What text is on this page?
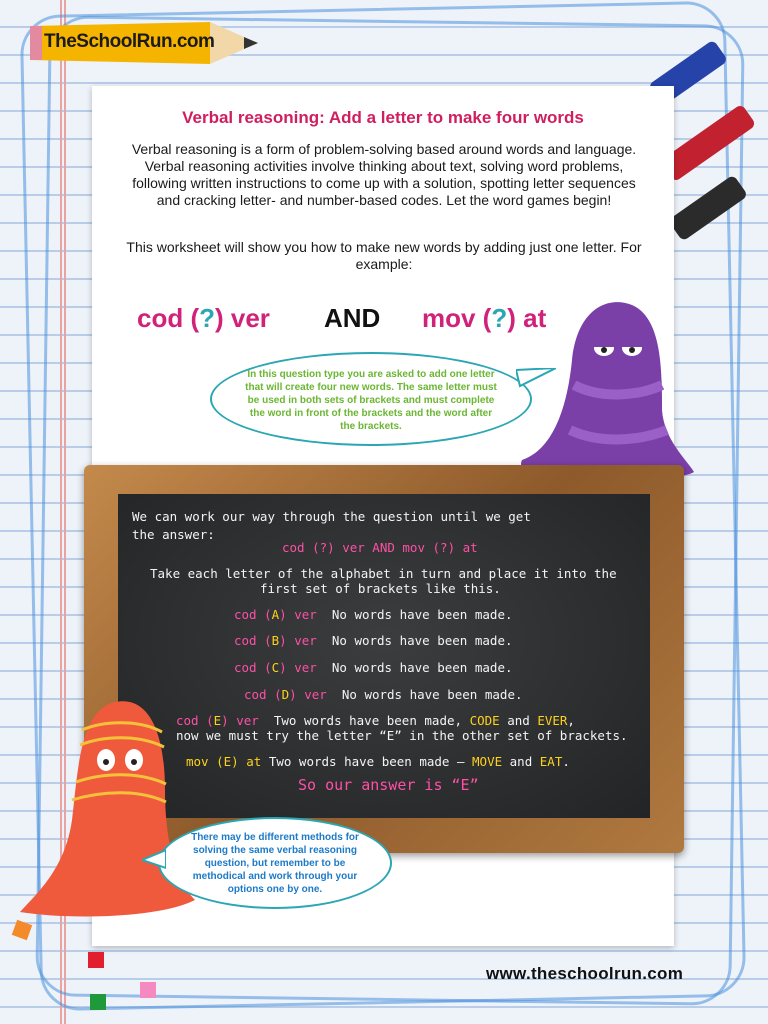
TheSchoolRun.com
Verbal reasoning: Add a letter to make four words
Verbal reasoning is a form of problem-solving based around words and language. Verbal reasoning activities involve thinking about text, solving word problems, following written instructions to come up with a solution, spotting letter sequences and cracking letter- and number-based codes. Let the word games begin!
This worksheet will show you how to make new words by adding just one letter. For example:
cod (?) ver AND mov (?) at
In this question type you are asked to add one letter that will create four new words. The same letter must be used in both sets of brackets and must complete the word in front of the brackets and the word after the brackets.
We can work our way through the question until we get
the answer:
cod (?) ver AND mov (?) at
Take each letter of the alphabet in turn and place it into the
first set of brackets like this.
cod (A) ver No words have been made.
cod (B) ver No words have been made.
cod (C) ver No words have been made.
cod (D) ver No words have been made.
cod (E) ver Two words have been made, CODE and EVER,
now we must try the letter “E” in the other set of brackets.
mov (E) at Two words have been made – MOVE and EAT.
So our answer is “E”
There may be different methods for solving the same verbal reasoning question, but remember to be methodical and work through your options one by one.
www.theschoolrun.com
